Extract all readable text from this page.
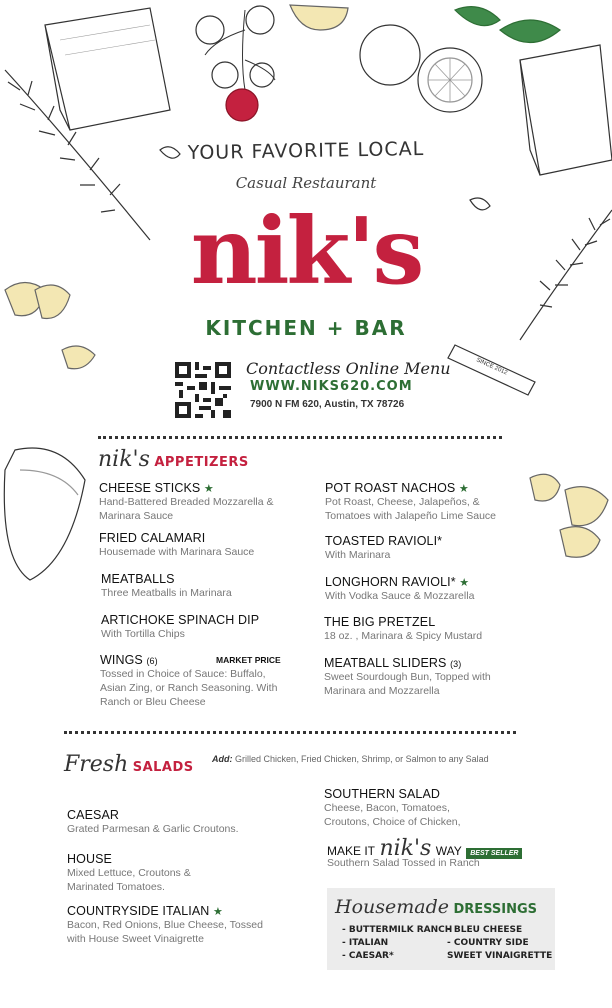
SINCE 2012
YOUR FAVORITE LOCAL
Casual Restaurant
nik's
KITCHEN + BAR
Contactless Online Menu
WWW.NIKS620.COM
7900 N FM 620, Austin, TX 78726
nik's APPETIZERS
CHEESE STICKS ★
Hand-Battered Breaded Mozzarella & Marinara Sauce
FRIED CALAMARI
Housemade with Marinara Sauce
MEATBALLS
Three Meatballs in Marinara
ARTICHOKE SPINACH DIP
With Tortilla Chips
WINGS (6)
Tossed in Choice of Sauce: Buffalo, Asian Zing, or Ranch Seasoning. With Ranch or Bleu Cheese
MARKET PRICE
POT ROAST NACHOS ★
Pot Roast, Cheese, Jalapeños, & Tomatoes with Jalapeño Lime Sauce
TOASTED RAVIOLI*
With Marinara
LONGHORN RAVIOLI* ★
With Vodka Sauce & Mozzarella
THE BIG PRETZEL
18 oz. , Marinara & Spicy Mustard
MEATBALL SLIDERS (3)
Sweet Sourdough Bun, Topped with Marinara and Mozzarella
Fresh SALADS
Add: Grilled Chicken, Fried Chicken, Shrimp, or Salmon to any Salad
CAESAR
Grated Parmesan & Garlic Croutons.
HOUSE
Mixed Lettuce, Croutons & Marinated Tomatoes.
COUNTRYSIDE ITALIAN ★
Bacon, Red Onions, Blue Cheese, Tossed with House Sweet Vinaigrette
SOUTHERN SALAD
Cheese, Bacon, Tomatoes, Croutons, Choice of Chicken,
MAKE IT nik's WAY BEST SELLER
Southern Salad Tossed in Ranch
Housemade DRESSINGS
- BUTTERMILK RANCH
- ITALIAN
- CAESAR*
- BLEU CHEESE
- COUNTRY SIDE
SWEET VINAIGRETTE
